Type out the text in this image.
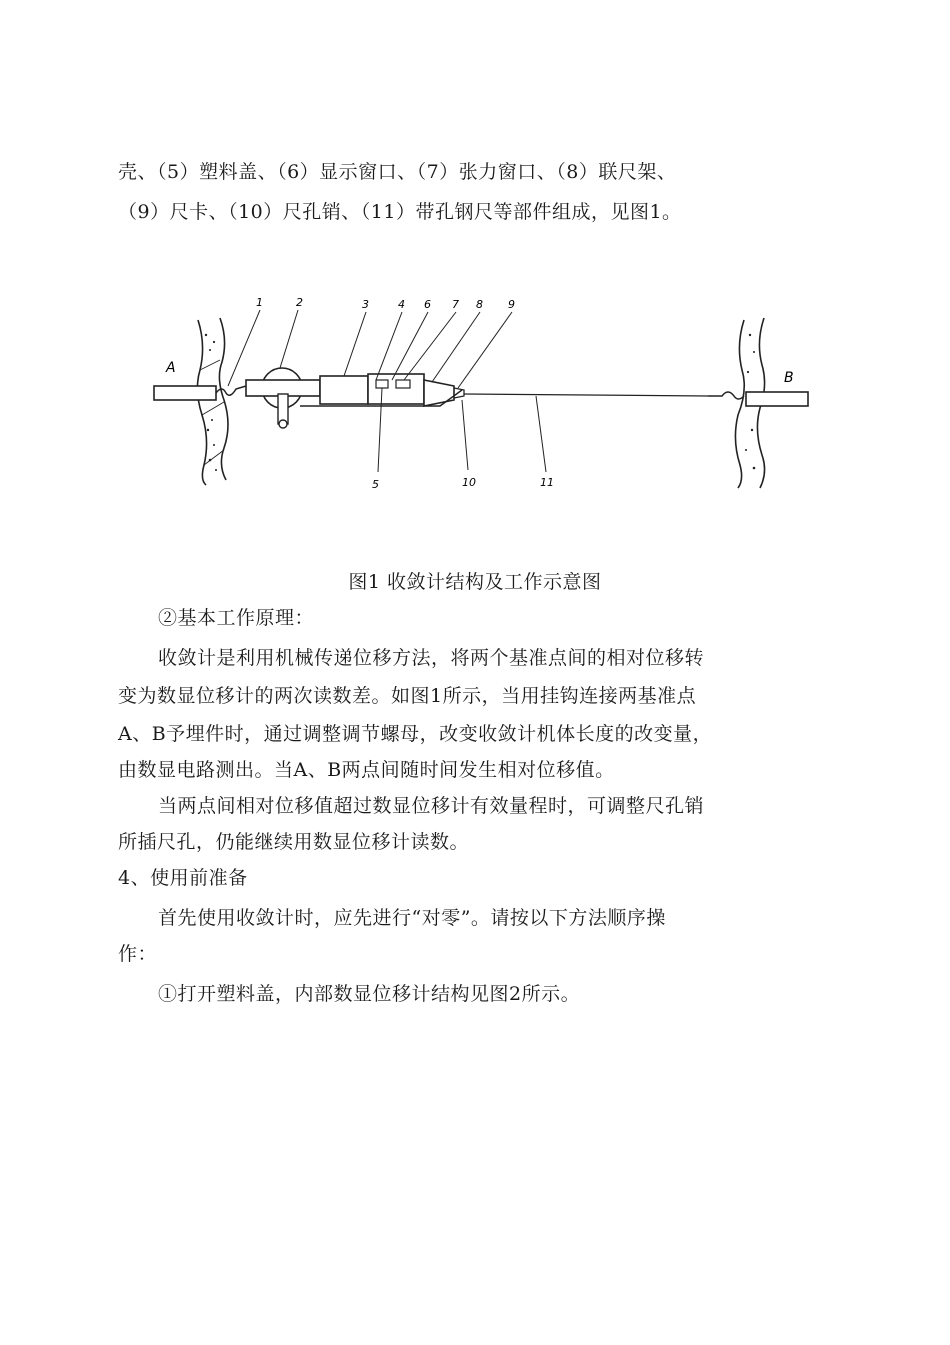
壳、（5）塑料盖、（6）显示窗口、（7）张力窗口、（8）联尺架、
（9）尺卡、（10）尺孔销、（11）带孔钢尺等部件组成，见图1。
A
B
1	2	3	4 6 7 8 9
5	10	11
图1 收敛计结构及工作示意图
②基本工作原理：
收敛计是利用机械传递位移方法，将两个基准点间的相对位移转
变为数显位移计的两次读数差。如图1所示，当用挂钩连接两基准点
A、B予埋件时，通过调整调节螺母，改变收敛计机体长度的改变量，
由数显电路测出。当A、B两点间随时间发生相对位移值。
当两点间相对位移值超过数显位移计有效量程时，可调整尺孔销
所插尺孔，仍能继续用数显位移计读数。
4、使用前准备
首先使用收敛计时，应先进行“对零”。请按以下方法顺序操
作：
①打开塑料盖，内部数显位移计结构见图2所示。
